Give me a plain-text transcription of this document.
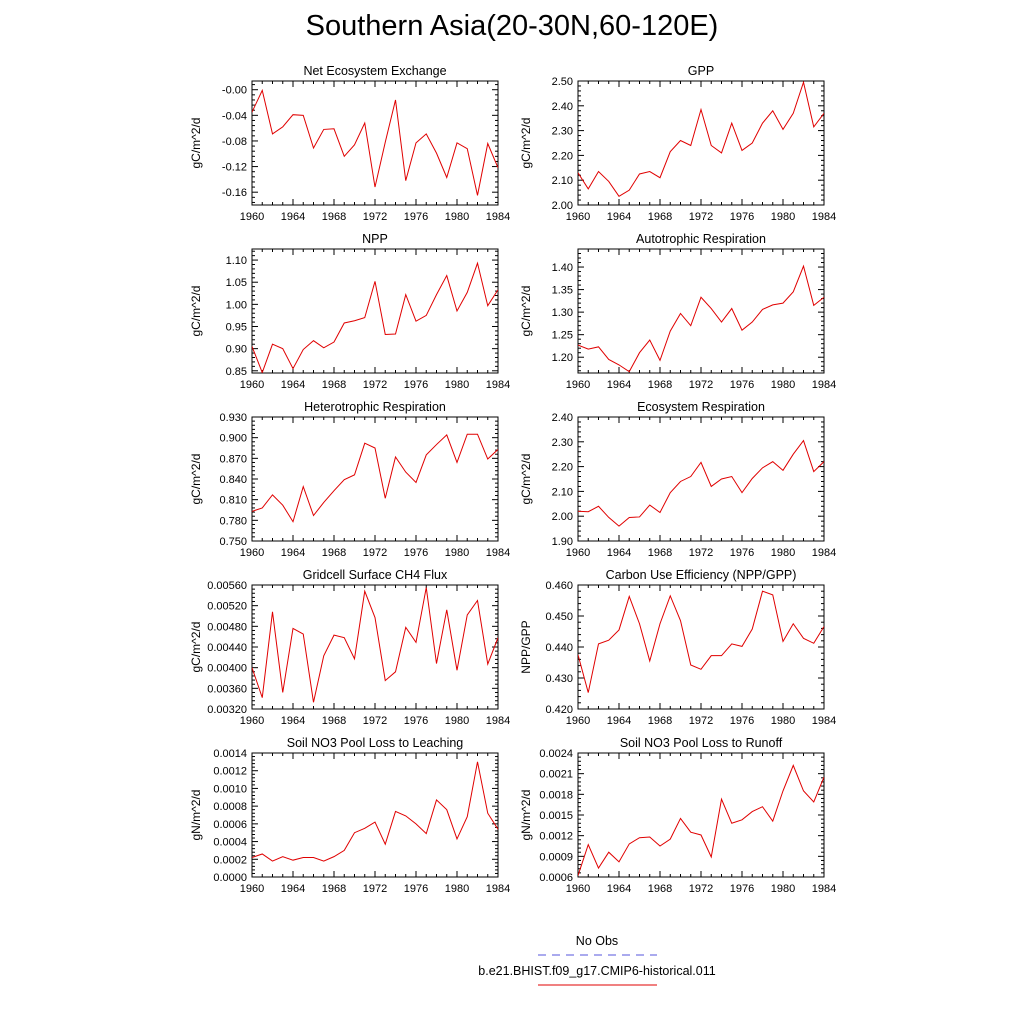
Southern Asia(20-30N,60-120E)
Net Ecosystem Exchange
1960 1964 1968 1972 1976 1980 1984
-0.16
-0.12
-0.08
-0.04
-0.00
gC/m^2/d
GPP
1960 1964 1968 1972 1976 1980 1984
2.00
2.10
2.20
2.30
2.40
2.50
gC/m^2/d
NPP
1960 1964 1968 1972 1976 1980 1984
0.85
0.90
0.95
1.00
1.05
1.10
gC/m^2/d
Autotrophic Respiration
1960 1964 1968 1972 1976 1980 1984
1.20
1.25
1.30
1.35
1.40
gC/m^2/d
Heterotrophic Respiration
1960 1964 1968 1972 1976 1980 1984
0.750
0.780
0.810
0.840
0.870
0.900
0.930
gC/m^2/d
Ecosystem Respiration
1960 1964 1968 1972 1976 1980 1984
1.90
2.00
2.10
2.20
2.30
2.40
gC/m^2/d
Gridcell Surface CH4 Flux
1960 1964 1968 1972 1976 1980 1984
0.00320
0.00360
0.00400
0.00440
0.00480
0.00520
0.00560
gC/m^2/d
Carbon Use Efficiency (NPP/GPP)
1960 1964 1968 1972 1976 1980 1984
0.420
0.430
0.440
0.450
0.460
NPP/GPP
Soil NO3 Pool Loss to Leaching
1960 1964 1968 1972 1976 1980 1984
0.0000
0.0002
0.0004
0.0006
0.0008
0.0010
0.0012
0.0014
gN/m^2/d
Soil NO3 Pool Loss to Runoff
1960 1964 1968 1972 1976 1980 1984
0.0006
0.0009
0.0012
0.0015
0.0018
0.0021
0.0024
gN/m^2/d
No Obs
b.e21.BHIST.f09_g17.CMIP6-historical.011
